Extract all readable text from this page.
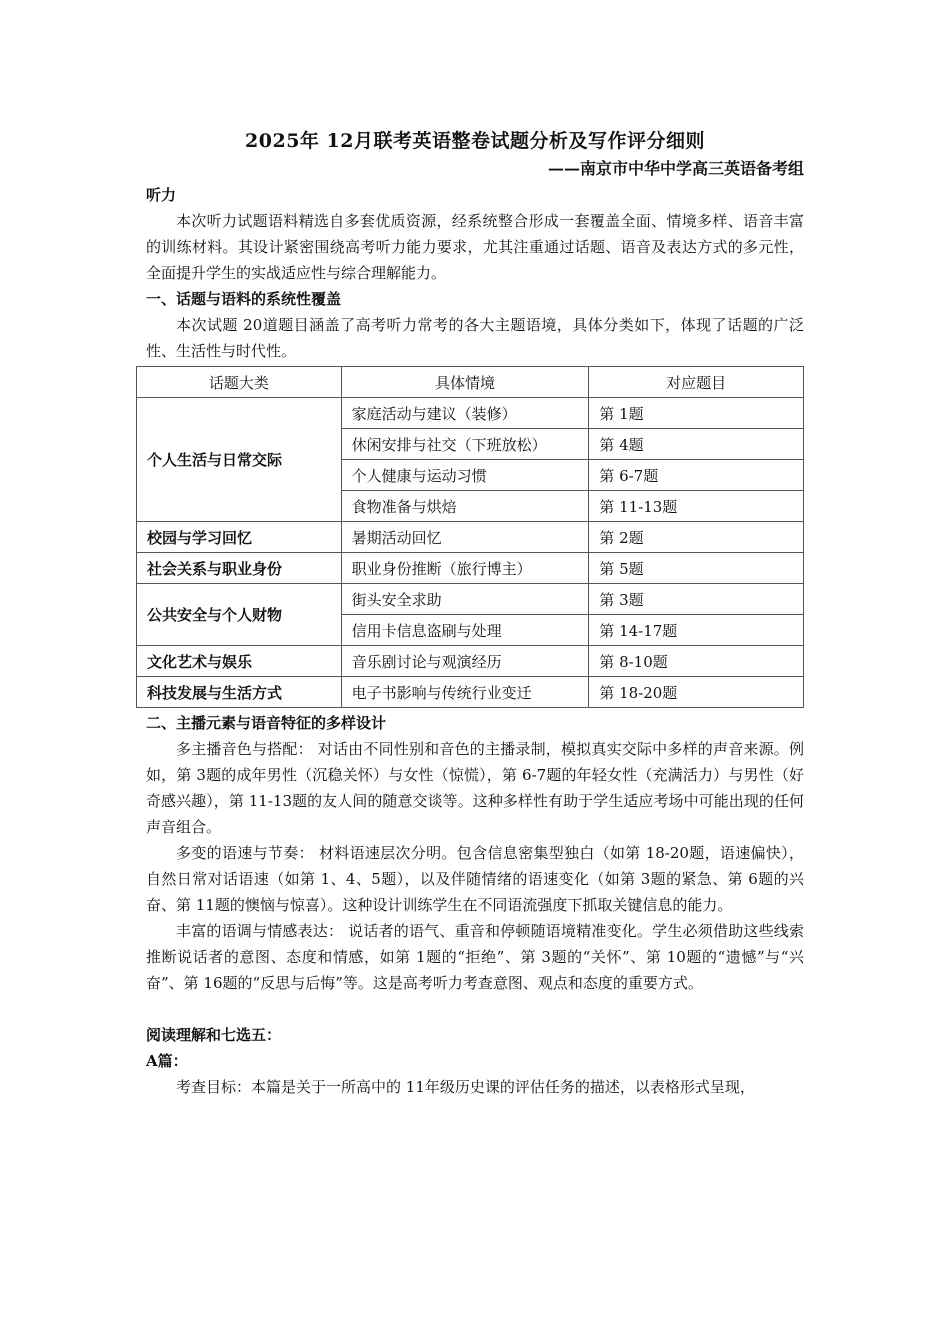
2025年 12月联考英语整卷试题分析及写作评分细则

——南京市中华中学高三英语备考组

听力

本次听力试题语料精选自多套优质资源，经系统整合形成一套覆盖全面、情境多样、语音丰富的训练材料。其设计紧密围绕高考听力能力要求，尤其注重通过话题、语音及表达方式的多元性，全面提升学生的实战适应性与综合理解能力。

一、话题与语料的系统性覆盖

本次试题 20道题目涵盖了高考听力常考的各大主题语境，具体分类如下，体现了话题的广泛性、生活性与时代性。

话题大类	具体情境	对应题目
个人生活与日常交际	家庭活动与建议（装修）	第 1题
	休闲安排与社交（下班放松）	第 4题
	个人健康与运动习惯	第 6-7题
	食物准备与烘焙	第 11-13题
校园与学习回忆	暑期活动回忆	第 2题
社会关系与职业身份	职业身份推断（旅行博主）	第 5题
公共安全与个人财物	街头安全求助	第 3题
	信用卡信息盗刷与处理	第 14-17题
文化艺术与娱乐	音乐剧讨论与观演经历	第 8-10题
科技发展与生活方式	电子书影响与传统行业变迁	第 18-20题

二、主播元素与语音特征的多样设计

多主播音色与搭配： 对话由不同性别和音色的主播录制，模拟真实交际中多样的声音来源。例如，第 3题的成年男性（沉稳关怀）与女性（惊慌），第 6-7题的年轻女性（充满活力）与男性（好奇感兴趣），第 11-13题的友人间的随意交谈等。这种多样性有助于学生适应考场中可能出现的任何声音组合。

多变的语速与节奏： 材料语速层次分明。包含信息密集型独白（如第 18-20题，语速偏快），自然日常对话语速（如第 1、4、5题），以及伴随情绪的语速变化（如第 3题的紧急、第 6题的兴奋、第 11题的懊恼与惊喜）。这种设计训练学生在不同语流强度下抓取关键信息的能力。

丰富的语调与情感表达： 说话者的语气、重音和停顿随语境精准变化。学生必须借助这些线索推断说话者的意图、态度和情感，如第 1题的“拒绝”、第 3题的“关怀”、第 10题的“遗憾”与“兴奋”、第 16题的“反思与后悔”等。这是高考听力考查意图、观点和态度的重要方式。

阅读理解和七选五：

A篇：

考查目标：本篇是关于一所高中的 11年级历史课的评估任务的描述，以表格形式呈现，
